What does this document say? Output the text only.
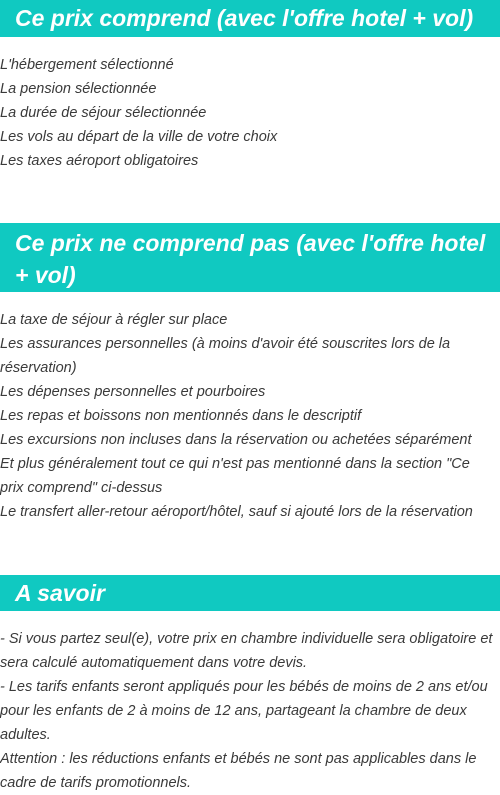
Ce prix comprend (avec l'offre hotel + vol)
L'hébergement sélectionné
La pension sélectionnée
La durée de séjour sélectionnée
Les vols au départ de la ville de votre choix
Les taxes aéroport obligatoires
Ce prix ne comprend pas (avec l'offre hotel + vol)
La taxe de séjour à régler sur place
Les assurances personnelles (à moins d'avoir été souscrites lors de la réservation)
Les dépenses personnelles et pourboires
Les repas et boissons non mentionnés dans le descriptif
Les excursions non incluses dans la réservation ou achetées séparément
Et plus généralement tout ce qui n'est pas mentionné dans la section "Ce prix comprend" ci-dessus
Le transfert aller-retour aéroport/hôtel, sauf si ajouté lors de la réservation
A savoir
- Si vous partez seul(e), votre prix en chambre individuelle sera obligatoire et sera calculé automatiquement dans votre devis.
- Les tarifs enfants seront appliqués pour les bébés de moins de 2 ans et/ou pour les enfants de 2 à moins de 12 ans, partageant la chambre de deux adultes.
Attention : les réductions enfants et bébés ne sont pas applicables dans le cadre de tarifs promotionnels.
